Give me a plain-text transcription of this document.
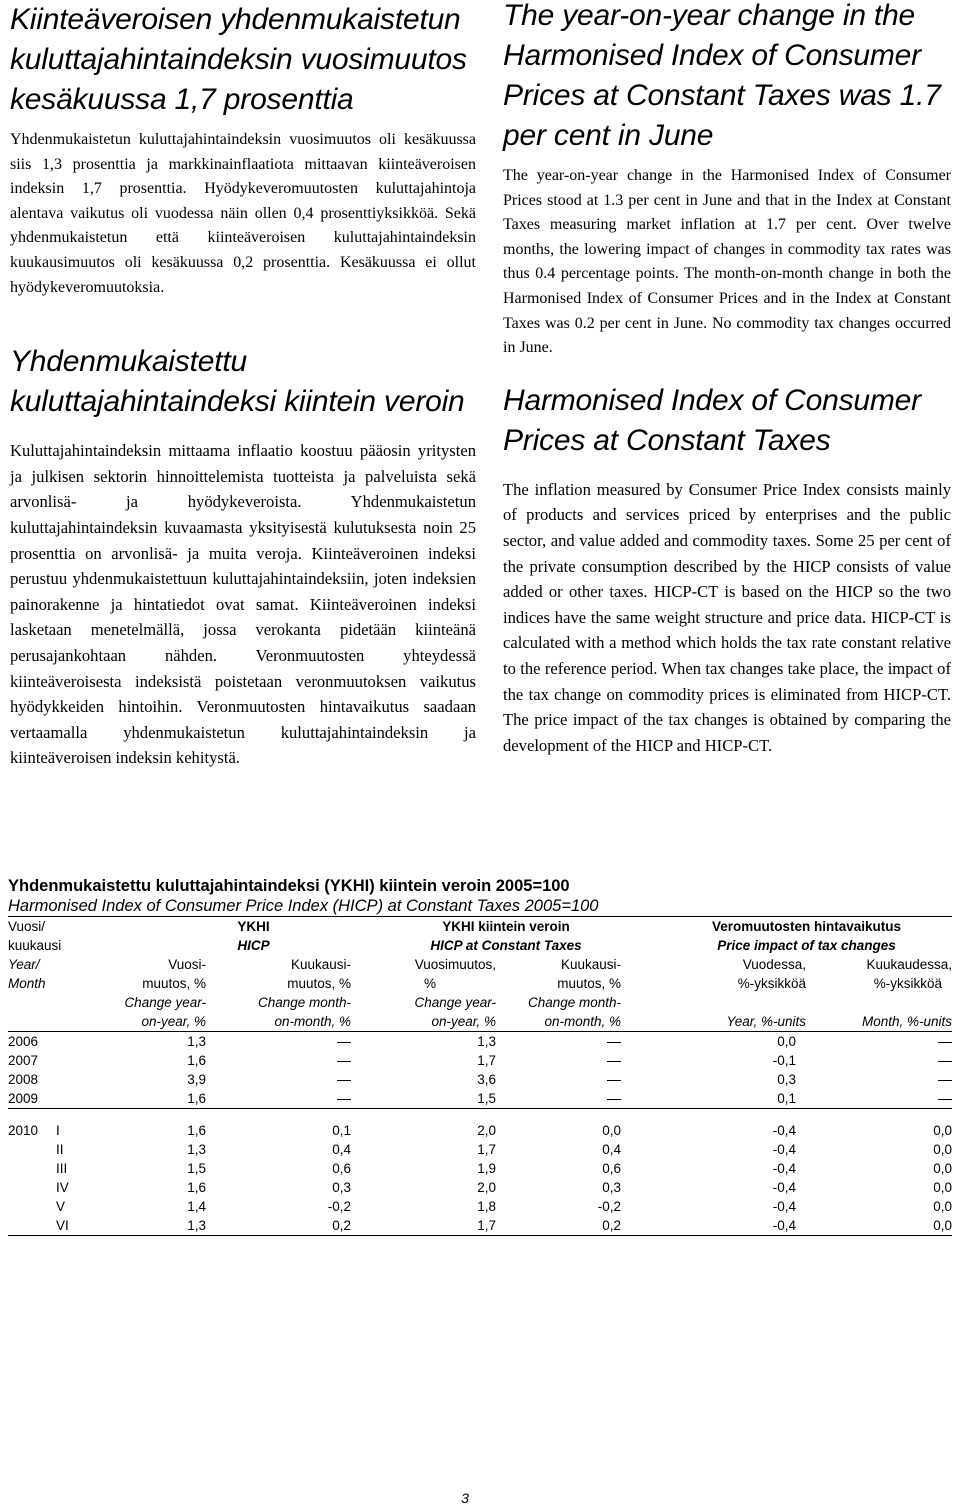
Kiinteäveroisen yhdenmukaistetun kuluttajahintaindeksin vuosimuutos kesäkuussa 1,7 prosenttia

Yhdenmukaistetun kuluttajahintaindeksin vuosimuutos oli kesäkuussa siis 1,3 prosenttia ja markkinainflaatiota mittaavan kiinteäveroisen indeksin 1,7 prosenttia. Hyödykeveromuutosten kuluttajahintoja alentava vaikutus oli vuodessa näin ollen 0,4 prosenttiyksikköä. Sekä yhdenmukaistetun että kiinteäveroisen kuluttajahintaindeksin kuukausimuutos oli kesäkuussa 0,2 prosenttia. Kesäkuussa ei ollut hyödykeveromuutoksia.

Yhdenmukaistettu kuluttajahintaindeksi kiintein veroin

Kuluttajahintaindeksin mittaama inflaatio koostuu pääosin yritysten ja julkisen sektorin hinnoittelemista tuotteista ja palveluista sekä arvonlisä- ja hyödykeveroista. Yhdenmukaistetun kuluttajahintaindeksin kuvaamasta yksityisestä kulutuksesta noin 25 prosenttia on arvonlisä- ja muita veroja. Kiinteäveroinen indeksi perustuu yhdenmukaistettuun kuluttajahintaindeksiin, joten indeksien painorakenne ja hintatiedot ovat samat. Kiinteäveroinen indeksi lasketaan menetelmällä, jossa verokanta pidetään kiinteänä perusajankohtaan nähden. Veronmuutosten yhteydessä kiinteäveroisesta indeksistä poistetaan veronmuutoksen vaikutus hyödykkeiden hintoihin. Veronmuutosten hintavaikutus saadaan vertaamalla yhdenmukaistetun kuluttajahintaindeksin ja kiinteäveroisen indeksin kehitystä.

The year-on-year change in the Harmonised Index of Consumer Prices at Constant Taxes was 1.7 per cent in June

The year-on-year change in the Harmonised Index of Consumer Prices stood at 1.3 per cent in June and that in the Index at Constant Taxes measuring market inflation at 1.7 per cent. Over twelve months, the lowering impact of changes in commodity tax rates was thus 0.4 percentage points. The month-on-month change in both the Harmonised Index of Consumer Prices and in the Index at Constant Taxes was 0.2 per cent in June. No commodity tax changes occurred in June.

Harmonised Index of Consumer Prices at Constant Taxes

The inflation measured by Consumer Price Index consists mainly of products and services priced by enterprises and the public sector, and value added and commodity taxes. Some 25 per cent of the private consumption described by the HICP consists of value added or other taxes. HICP-CT is based on the HICP so the two indices have the same weight structure and price data. HICP-CT is calculated with a method which holds the tax rate constant relative to the reference period. When tax changes take place, the impact of the tax change on commodity prices is eliminated from HICP-CT. The price impact of the tax changes is obtained by comparing the development of the HICP and HICP-CT.

Yhdenmukaistettu kuluttajahintaindeksi (YKHI) kiintein veroin 2005=100

Harmonised Index of Consumer Price Index (HICP) at Constant Taxes 2005=100

Vuosi/		YKHI		YKHI kiintein veroin		Veromuutosten hintavaikutus	
kuukausi		HICP		HICP at Constant Taxes		Price impact of tax changes	
Year/		Vuosi-	Kuukausi-	Vuosimuutos,	Kuukausi-	Vuodessa,	Kuukaudessa,
Month		muutos, %	muutos, %	%	muutos, %	%-yksikköä	%-yksikköä
		Change year-	Change month-	Change year-	Change month-		
		on-year, %	on-month, %	on-year, %	on-month, %	Year, %-units	Month, %-units
2006		1,3		1,3		0,0	
2007		1,6		1,7		-0,1	
2008		3,9		3,6		0,3	
2009		1,6		1,5		0,1	

2010	I	1,6	0,1	2,0	0,0	-0,4	0,0
	II	1,3	0,4	1,7	0,4	-0,4	0,0
	III	1,5	0,6	1,9	0,6	-0,4	0,0
	IV	1,6	0,3	2,0	0,3	-0,4	0,0
	V	1,4	-0,2	1,8	-0,2	-0,4	0,0
	VI	1,3	0,2	1,7	0,2	-0,4	0,0
3
